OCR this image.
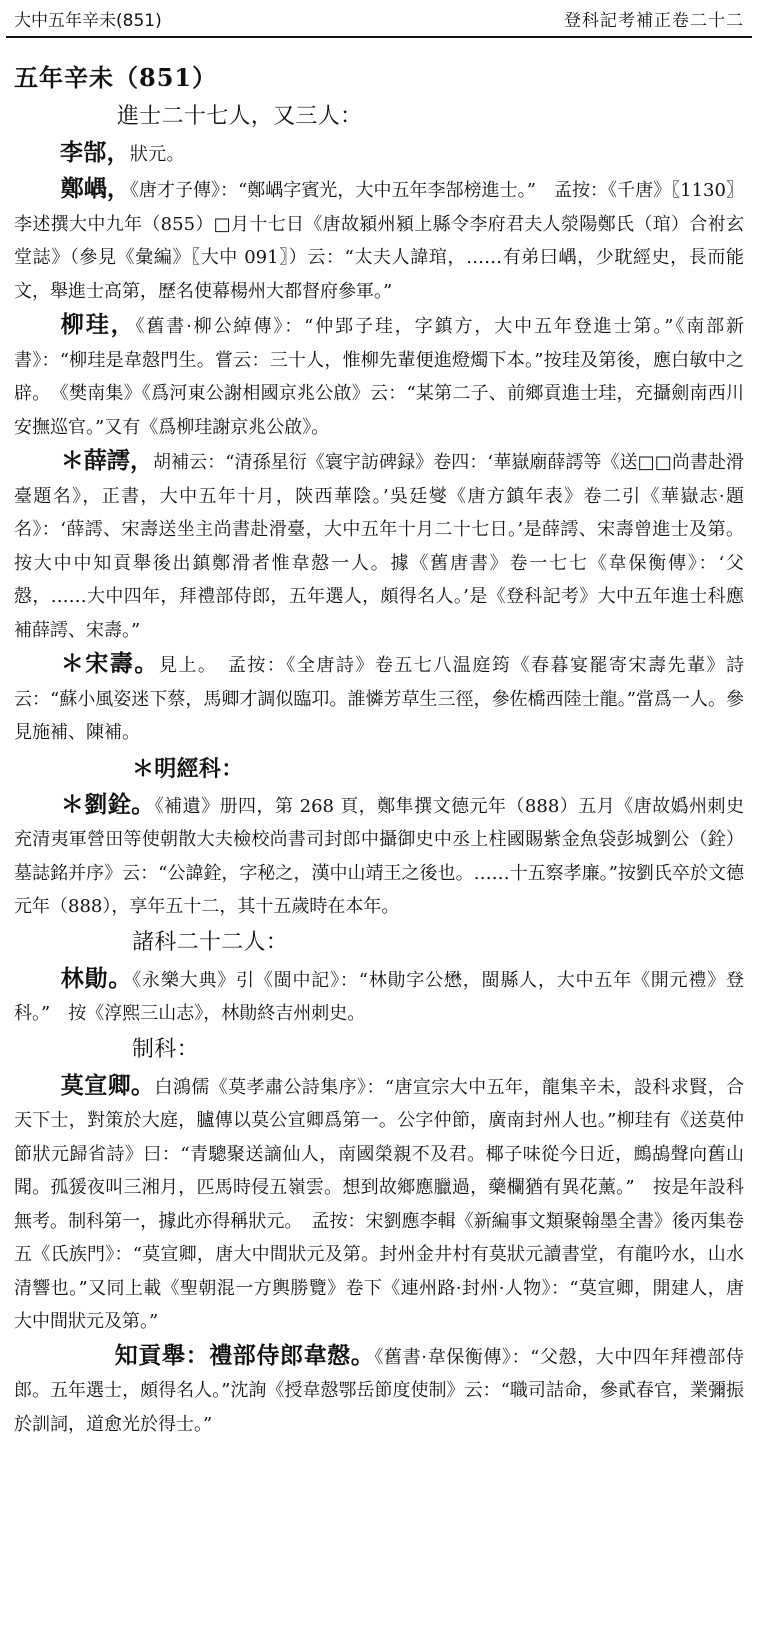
大中五年辛未(851)	登科記考補正卷二十二
五年辛未（851）
進士二十七人，又三人：
李郜，狀元。

鄭嵎，《唐才子傳》：“鄭嵎字賓光，大中五年李郜榜進士。”　孟按：《千唐》〖1130〗李述撰大中九年（855）□月十七日《唐故潁州潁上縣令李府君夫人滎陽鄭氏（琯）合祔玄堂誌》（參見《彙編》〖大中 091〗）云：“太夫人諱琯，……有弟曰嵎，少耽經史，長而能文，舉進士高第，歷名使幕楊州大都督府參軍。”

柳珪，《舊書·柳公綽傳》：“仲郢子珪，字鎮方，大中五年登進士第。”《南部新書》：“柳珪是韋慤門生。嘗云：三十人，惟柳先輩便進燈燭下本。”按珪及第後，應白敏中之辟。　《樊南集》《爲河東公謝相國京兆公啟》云：“某第二子、前鄉貢進士珪，充攝劍南西川安撫巡官。”又有《爲柳珪謝京兆公啟》。

＊薛謣，胡補云：“清孫星衍《寰宇訪碑録》卷四：‘華嶽廟薛謣等《送□□尚書赴滑臺題名》，正書，大中五年十月，陝西華陰。’吳廷燮《唐方鎮年表》卷二引《華嶽志·題名》：‘薛謣、宋壽送坐主尚書赴滑臺，大中五年十月二十七日。’是薛謣、宋壽曾進士及第。按大中中知貢舉後出鎮鄭滑者惟韋慤一人。據《舊唐書》卷一七七《韋保衡傳》：‘父慤，……大中四年，拜禮部侍郎，五年選人，頗得名人。’是《登科記考》大中五年進士科應補薛謣、宋壽。”

＊宋壽。見上。　孟按：《全唐詩》卷五七八温庭筠《春暮宴罷寄宋壽先輩》詩云：“蘇小風姿迷下蔡，馬卿才調似臨卭。誰憐芳草生三徑，參佐橋西陸士龍。”當爲一人。參見施補、陳補。

＊明經科：

＊劉銓。《補遺》册四，第 268 頁，鄭隼撰文德元年（888）五月《唐故嬀州刺史充清夷軍營田等使朝散大夫檢校尚書司封郎中攝御史中丞上柱國賜紫金魚袋彭城劉公（銓）墓誌銘并序》云：“公諱銓，字秘之，漢中山靖王之後也。……十五察孝廉。”按劉氏卒於文德元年（888），享年五十二，其十五歲時在本年。

諸科二十二人：

林勛。《永樂大典》引《閩中記》：“林勛字公懋，閩縣人，大中五年《開元禮》登科。”　按《淳熙三山志》，林勛終吉州刺史。

制科：

莫宣卿。白鴻儒《莫孝肅公詩集序》：“唐宣宗大中五年，龍集辛未，設科求賢，合天下士，對策於大庭，臚傳以莫公宣卿爲第一。公字仲節，廣南封州人也。”柳珪有《送莫仲節狀元歸省詩》曰：“青驄聚送謫仙人，南國榮親不及君。椰子味從今日近，鷓鴣聲向舊山聞。孤猨夜叫三湘月，匹馬時侵五嶺雲。想到故鄉應臘過，藥欄猶有異花薰。”　按是年設科無考。制科第一，據此亦得稱狀元。　孟按：宋劉應李輯《新編事文類聚翰墨全書》後丙集卷五《氏族門》：“莫宣卿，唐大中間狀元及第。封州金井村有莫狀元讀書堂，有龍吟水，山水清響也。”又同上載《聖朝混一方輿勝覽》卷下《連州路·封州·人物》：“莫宣卿，開建人，唐大中間狀元及第。”

知貢舉：禮部侍郎韋慤。《舊書·韋保衡傳》：“父慤，大中四年拜禮部侍郎。五年選士，頗得名人。”沈詢《授韋慤鄂岳節度使制》云：“職司詰命，參貳春官，業彌振於訓詞，道愈光於得士。”
